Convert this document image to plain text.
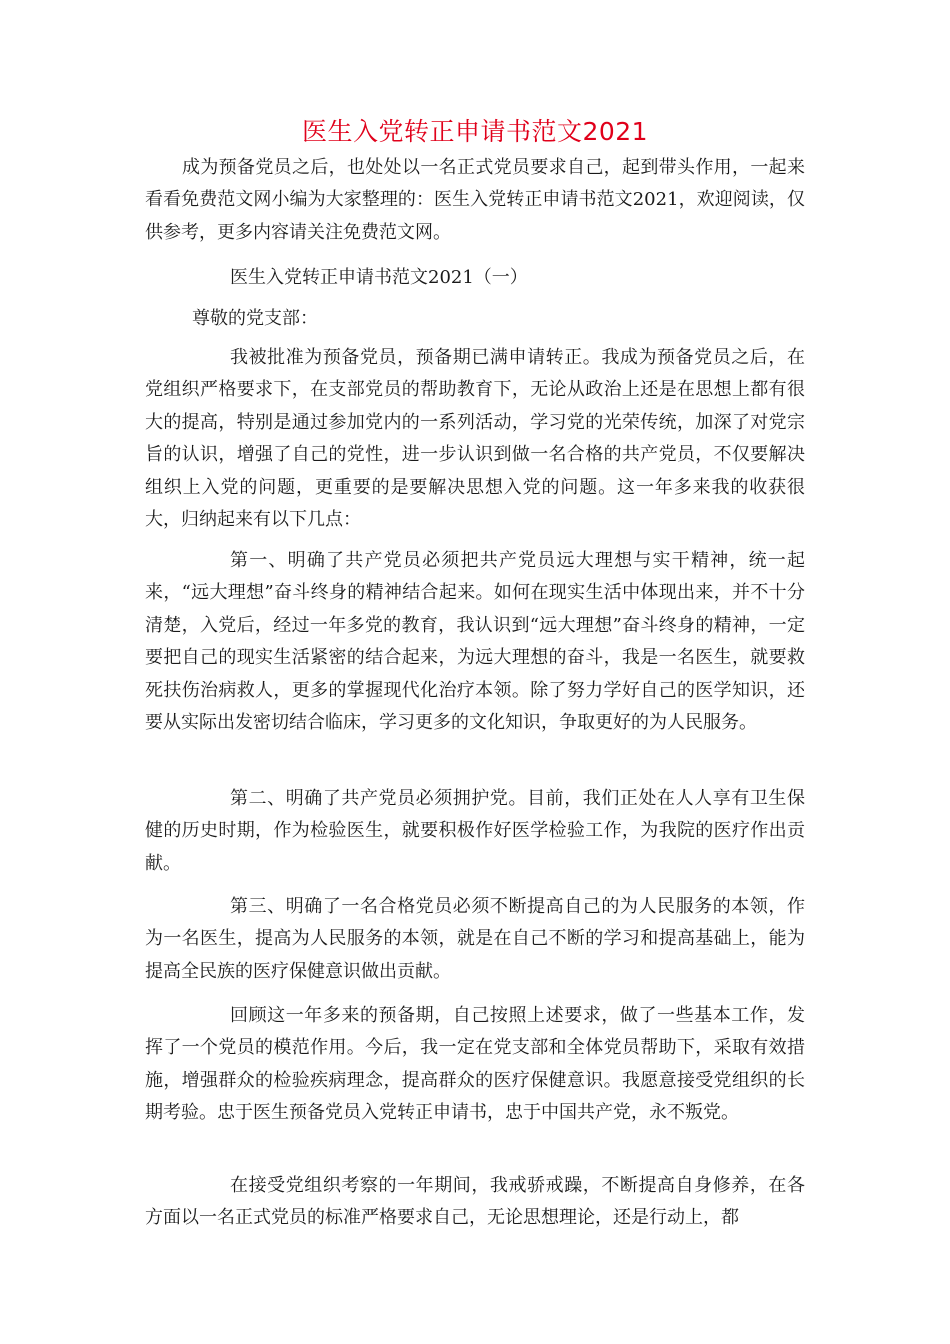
医生入党转正申请书范文2021

成为预备党员之后，也处处以一名正式党员要求自己，起到带头作用，一起来看看免费范文网小编为大家整理的：医生入党转正申请书范文2021，欢迎阅读，仅供参考，更多内容请关注免费范文网。

医生入党转正申请书范文2021（一）

尊敬的党支部：

我被批准为预备党员，预备期已满申请转正。我成为预备党员之后，在党组织严格要求下，在支部党员的帮助教育下，无论从政治上还是在思想上都有很大的提高，特别是通过参加党内的一系列活动，学习党的光荣传统，加深了对党宗旨的认识，增强了自己的党性，进一步认识到做一名合格的共产党员，不仅要解决组织上入党的问题，更重要的是要解决思想入党的问题。这一年多来我的收获很大，归纳起来有以下几点：

第一、明确了共产党员必须把共产党员远大理想与实干精神，统一起来，“远大理想”奋斗终身的精神结合起来。如何在现实生活中体现出来，并不十分清楚，入党后，经过一年多党的教育，我认识到“远大理想”奋斗终身的精神，一定要把自己的现实生活紧密的结合起来，为远大理想的奋斗，我是一名医生，就要救死扶伤治病救人，更多的掌握现代化治疗本领。除了努力学好自己的医学知识，还要从实际出发密切结合临床，学习更多的文化知识，争取更好的为人民服务。

第二、明确了共产党员必须拥护党。目前，我们正处在人人享有卫生保健的历史时期，作为检验医生，就要积极作好医学检验工作，为我院的医疗作出贡献。

第三、明确了一名合格党员必须不断提高自己的为人民服务的本领，作为一名医生，提高为人民服务的本领，就是在自己不断的学习和提高基础上，能为提高全民族的医疗保健意识做出贡献。

回顾这一年多来的预备期，自己按照上述要求，做了一些基本工作，发挥了一个党员的模范作用。今后，我一定在党支部和全体党员帮助下，采取有效措施，增强群众的检验疾病理念，提高群众的医疗保健意识。我愿意接受党组织的长期考验。忠于医生预备党员入党转正申请书，忠于中国共产党，永不叛党。

在接受党组织考察的一年期间，我戒骄戒躁，不断提高自身修养，在各方面以一名正式党员的标准严格要求自己，无论思想理论，还是行动上，都
